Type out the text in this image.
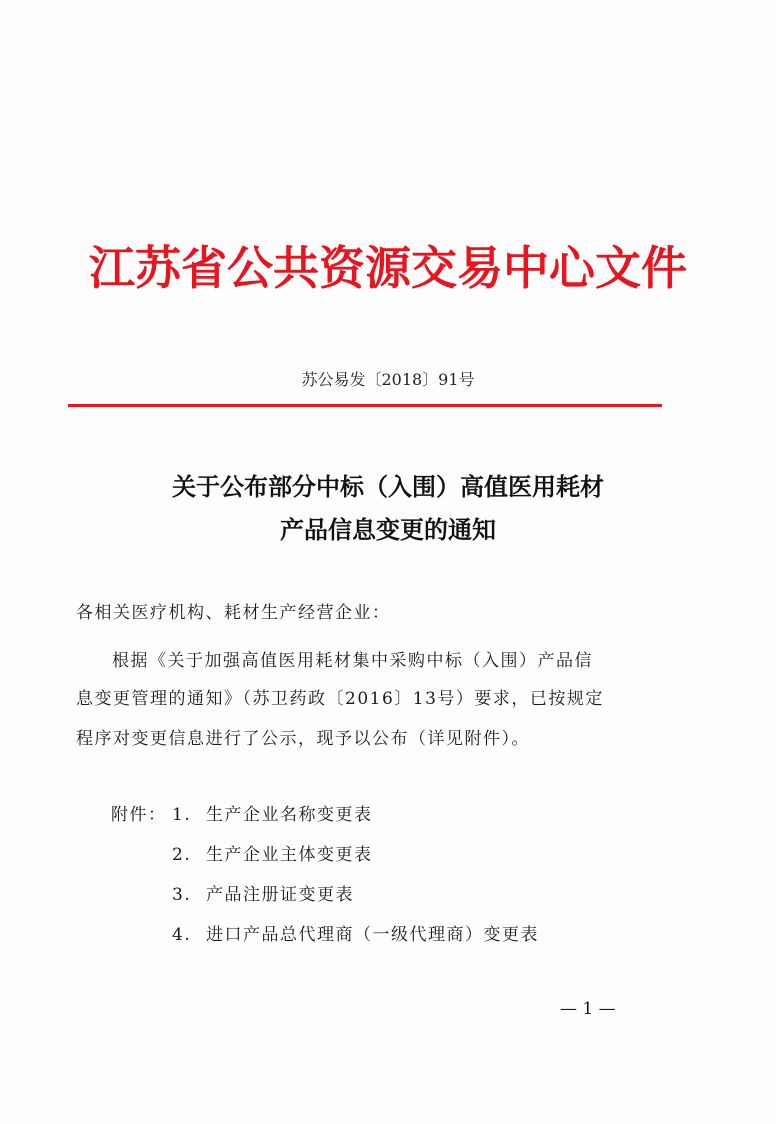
江苏省公共资源交易中心文件
苏公易发〔2018〕91号
关于公布部分中标（入围）高值医用耗材
产品信息变更的通知
各相关医疗机构、耗材生产经营企业：
根据《关于加强高值医用耗材集中采购中标（入围）产品信
息变更管理的通知》（苏卫药政〔2016〕13号）要求，已按规定
程序对变更信息进行了公示，现予以公布（详见附件）。
附件： 1. 生产企业名称变更表
2. 生产企业主体变更表
3. 产品注册证变更表
4. 进口产品总代理商（一级代理商）变更表
— 1 —
